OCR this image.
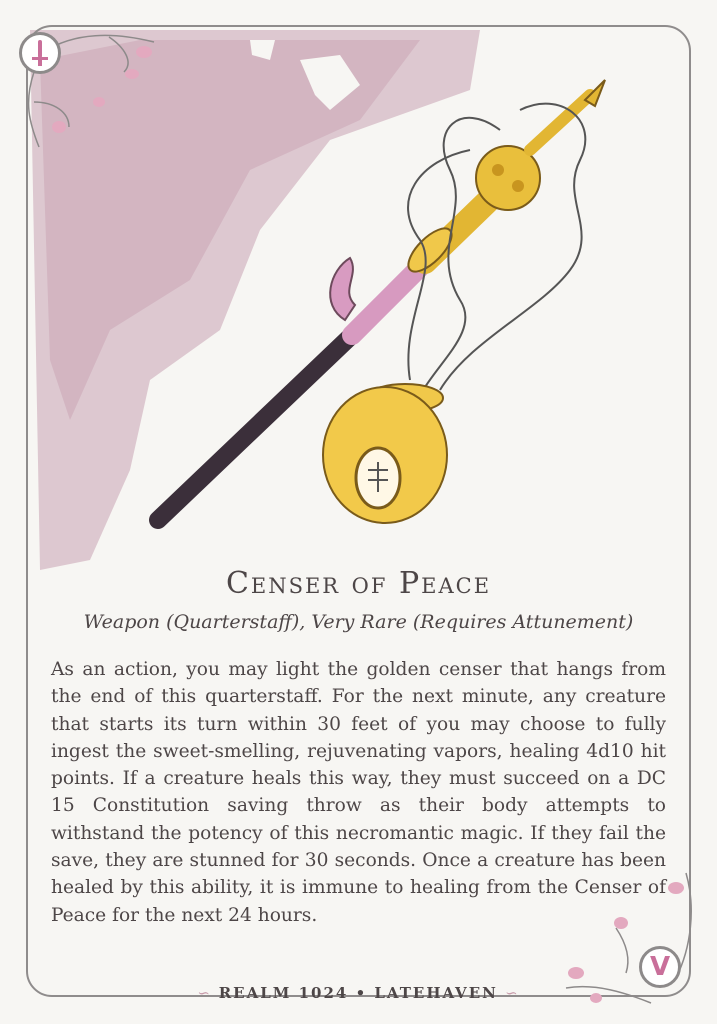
Censer of Peace
Weapon (Quarterstaff), Very Rare (Requires Attunement)

As an action, you may light the golden censer that hangs from the end of this quarterstaff. For the next minute, any creature that starts its turn within 30 feet of you may choose to fully ingest the sweet-smelling, rejuvenating vapors, healing 4d10 hit points. If a creature heals this way, they must succeed on a DC 15 Constitution saving throw as their body attempts to withstand the potency of this necromantic magic. If they fail the save, they are stunned for 30 seconds. Once a creature has been healed by this ability, it is immune to healing from the Censer of Peace for the next 24 hours.

V
∽ REALM 1024 • LATEHAVEN ∽
